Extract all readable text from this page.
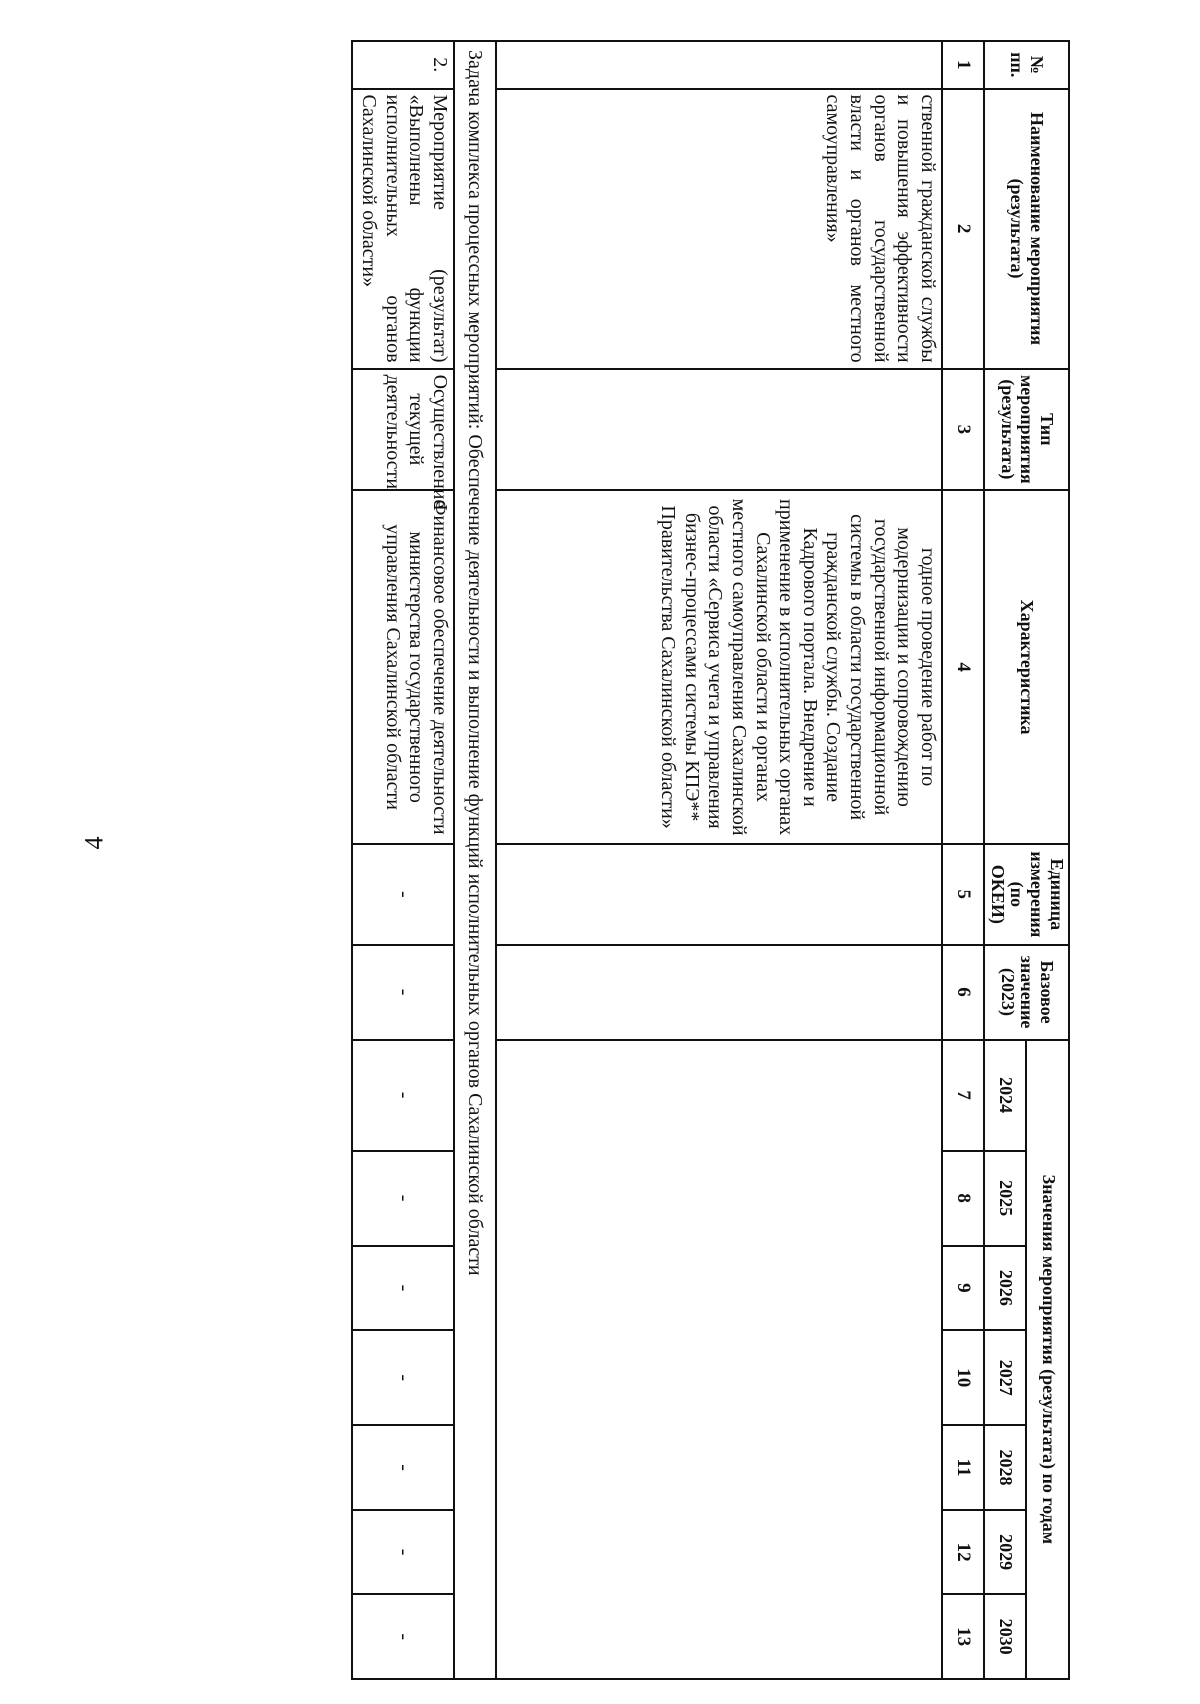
4
№ пп.	Наименование мероприятия (результата)	Тип мероприятия (результата)	Характеристика	Единица измерения (по ОКЕИ)	Базовое значение (2023)	Значения мероприятия (результата) по годам						
						2024	2025	2026	2027	2028	2029	2030
1	2	3	4	5	6	7	8	9	10	11	12	13
	ственной гражданской службы и повышения эффективности органов государственной власти и органов местного самоуправления»		годное проведение работ по модернизации и сопровождению государственной информационной системы в области государственной гражданской службы. Создание Кадрового портала. Внедрение и применение в исполнительных органах Сахалинской области и органах местного самоуправления Сахалинской области «Сервиса учета и управления бизнес-процессами системы КПЭ** Правительства Сахалинской области»									
Задача комплекса процессных мероприятий: Обеспечение деятельности и выполнение функций исполнительных органов Сахалинской области												
2.	Мероприятие (результат) «Выполнены функции исполнительных органов Сахалинской области»	Осуществление текущей деятельности	Финансовое обеспечение деятельности министерства государственного управления Сахалинской области	-	-	-	-	-	-	-	-	-
